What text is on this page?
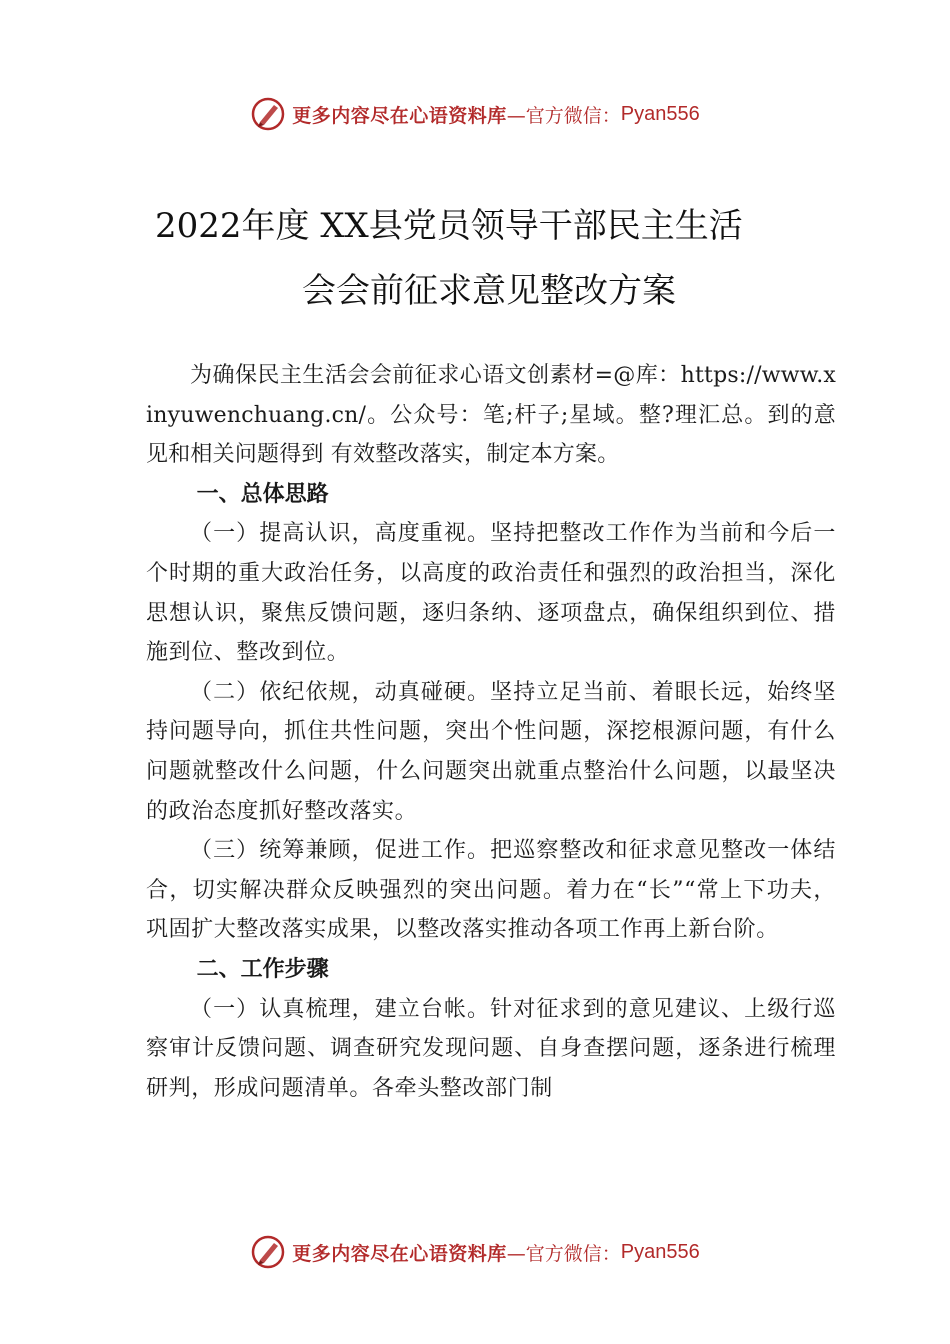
更多内容尽在心语资料库 —官方微信： Pyan556
2022年度 XX县党员领导干部民主生活
会会前征求意见整改方案

为确保民主生活会会前征求心语文创素材=@库：https://www.xinyuwenchuang.cn/。公众号：笔;杆子;星域。整?理汇总。到的意见和相关问题得到 有效整改落实，制定本方案。

一、总体思路

（一）提高认识，高度重视。坚持把整改工作作为当前和今后一个时期的重大政治任务，以高度的政治责任和强烈的政治担当，深化思想认识，聚焦反馈问题，逐归条纳、逐项盘点，确保组织到位、措施到位、整改到位。

（二）依纪依规，动真碰硬。坚持立足当前、着眼长远，始终坚持问题导向，抓住共性问题，突出个性问题，深挖根源问题，有什么问题就整改什么问题，什么问题突出就重点整治什么问题，以最坚决的政治态度抓好整改落实。

（三）统筹兼顾，促进工作。把巡察整改和征求意见整改一体结合，切实解决群众反映强烈的突出问题。着力在“长”“常上下功夫，巩固扩大整改落实成果，以整改落实推动各项工作再上新台阶。

二、工作步骤

（一）认真梳理，建立台帐。针对征求到的意见建议、上级行巡察审计反馈问题、调查研究发现问题、自身查摆问题，逐条进行梳理研判，形成问题清单。各牵头整改部门制

更多内容尽在心语资料库 —官方微信： Pyan556
